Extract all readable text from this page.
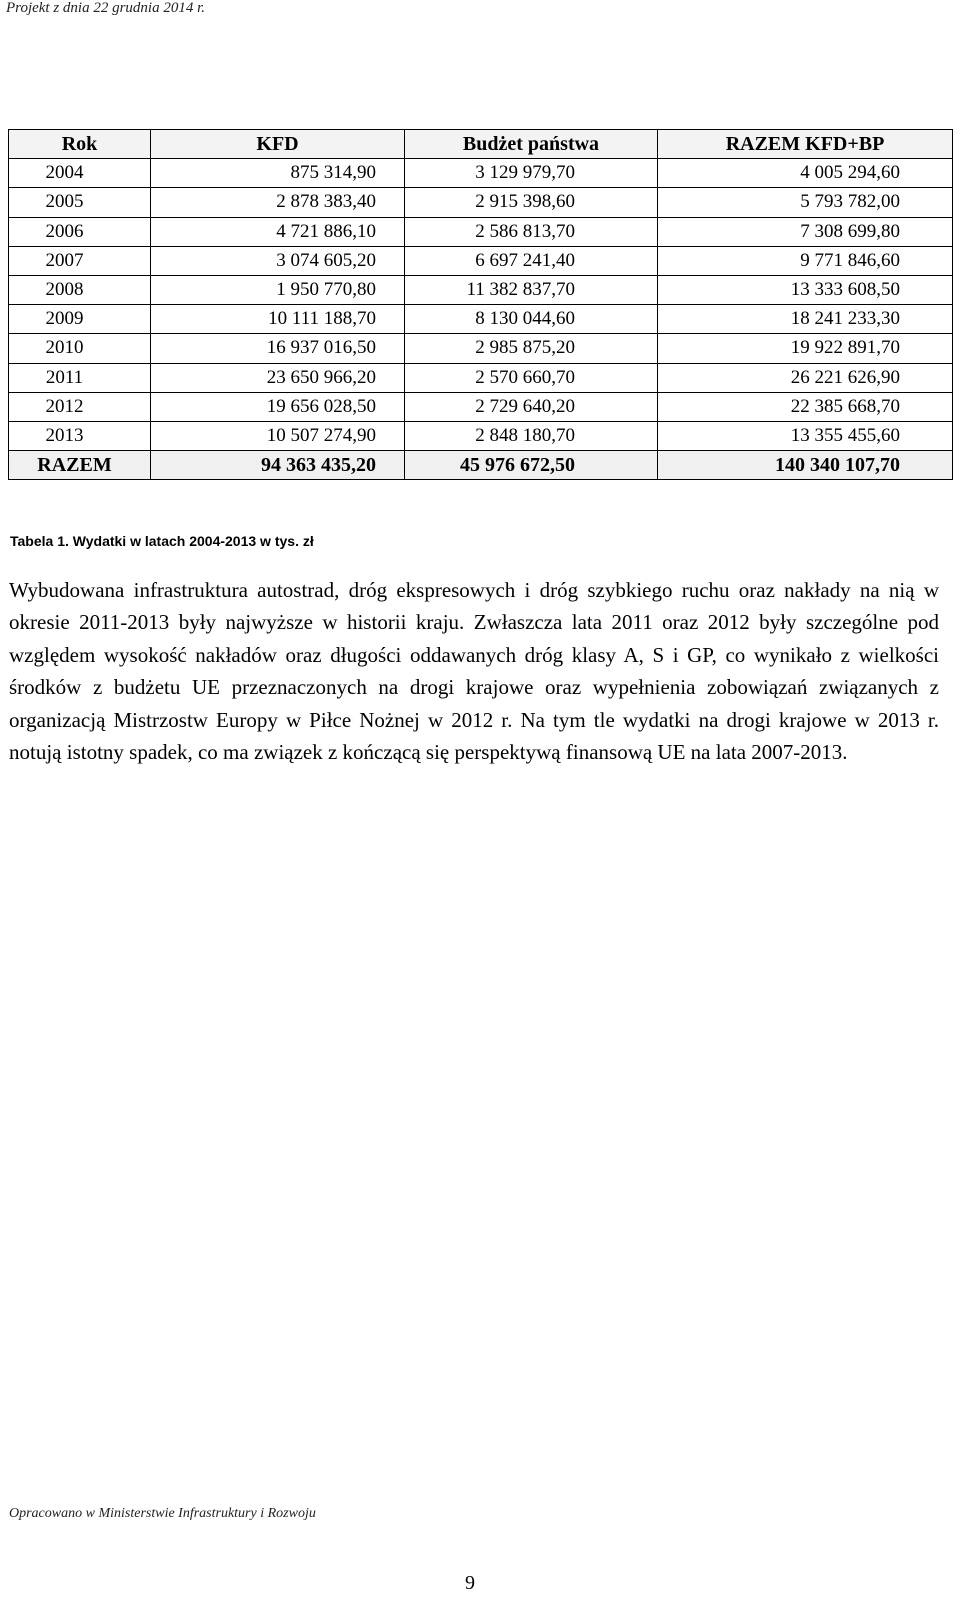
Projekt z dnia 22 grudnia 2014 r.
Rok	KFD	Budżet państwa	RAZEM KFD+BP
2004	875 314,90	3 129 979,70	4 005 294,60
2005	2 878 383,40	2 915 398,60	5 793 782,00
2006	4 721 886,10	2 586 813,70	7 308 699,80
2007	3 074 605,20	6 697 241,40	9 771 846,60
2008	1 950 770,80	11 382 837,70	13 333 608,50
2009	10 111 188,70	8 130 044,60	18 241 233,30
2010	16 937 016,50	2 985 875,20	19 922 891,70
2011	23 650 966,20	2 570 660,70	26 221 626,90
2012	19 656 028,50	2 729 640,20	22 385 668,70
2013	10 507 274,90	2 848 180,70	13 355 455,60
RAZEM	94 363 435,20	45 976 672,50	140 340 107,70
Tabela 1. Wydatki w latach 2004-2013 w tys. zł

Wybudowana infrastruktura autostrad, dróg ekspresowych i dróg szybkiego ruchu oraz nakłady na nią w okresie 2011-2013 były najwyższe w historii kraju. Zwłaszcza lata 2011 oraz 2012 były szczególne pod względem wysokość nakładów oraz długości oddawanych dróg klasy A, S i GP, co wynikało z wielkości środków z budżetu UE przeznaczonych na drogi krajowe oraz wypełnienia zobowiązań związanych z organizacją Mistrzostw Europy w Piłce Nożnej w 2012 r. Na tym tle wydatki na drogi krajowe w 2013 r. notują istotny spadek, co ma związek z kończącą się perspektywą finansową UE na lata 2007-2013.

Opracowano w Ministerstwie Infrastruktury i Rozwoju
9
